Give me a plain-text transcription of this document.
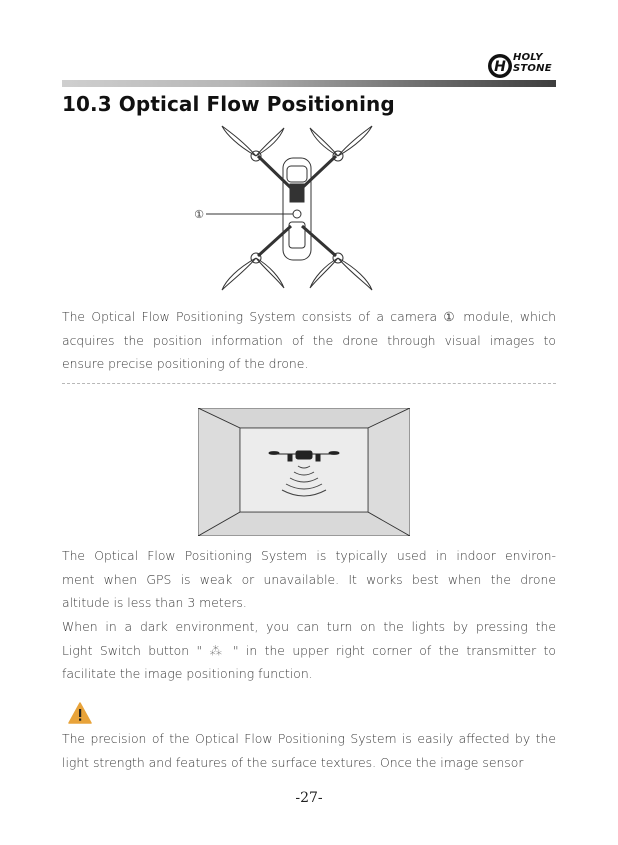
H
HOLY
STONE
10.3 Optical Flow Positioning
①

The Optical Flow Positioning System consists of a camera ① module, which
acquires the position information of the drone through visual images to
ensure precise positioning of the drone.

The Optical Flow Positioning System is typically used in indoor environ-
ment when GPS is weak or unavailable. It works best when the drone
altitude is less than 3 meters.

When in a dark environment, you can turn on the lights by pressing the
Light Switch button " ⁂ " in the upper right corner of the transmitter to
facilitate the image positioning function.

The precision of the Optical Flow Positioning System is easily affected by the
light strength and features of the surface textures. Once the image sensor

-27-
